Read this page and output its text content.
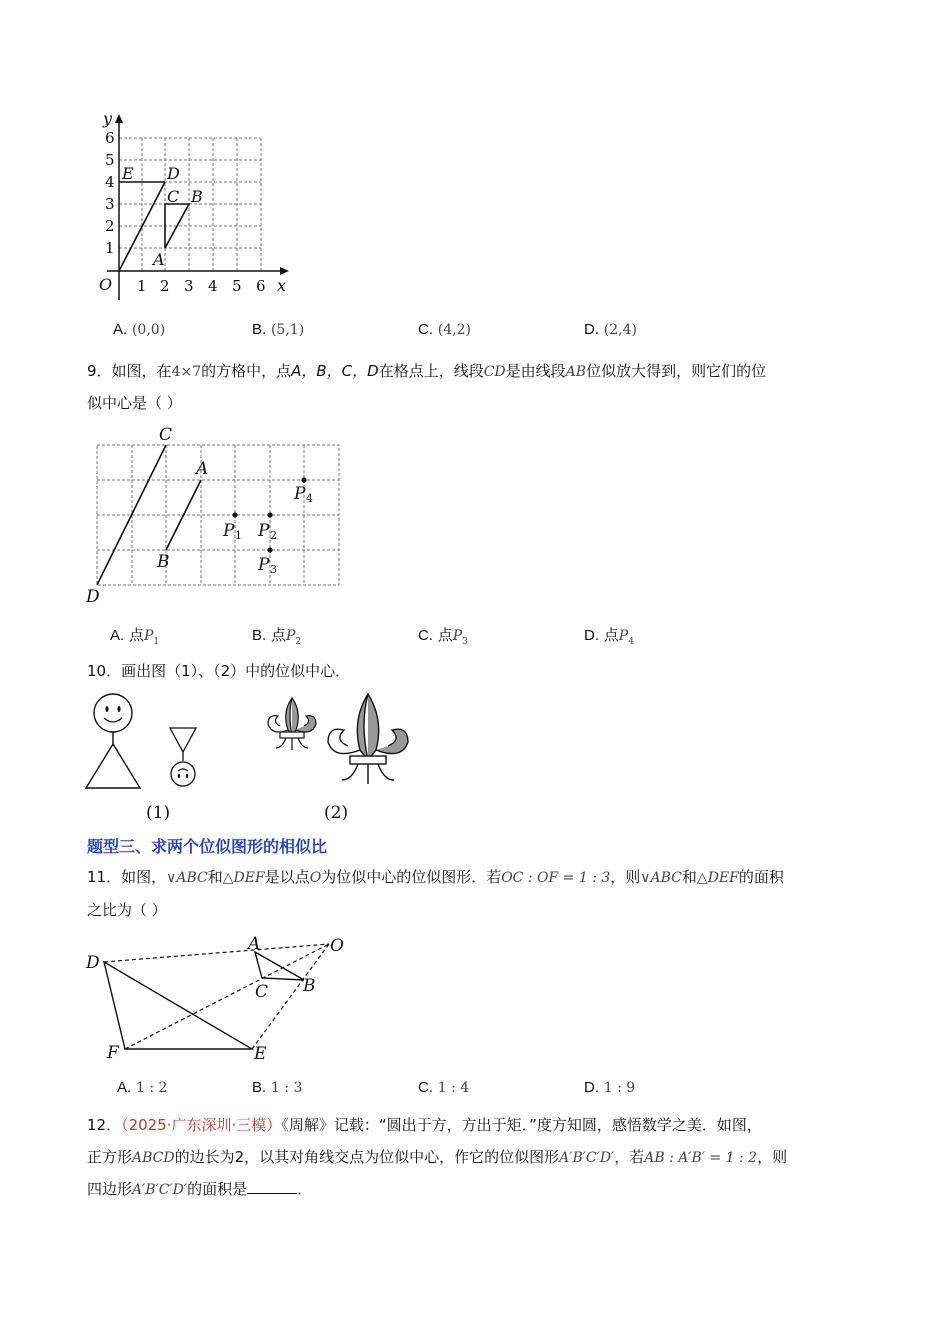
y
x
O
E D
C B
A
1 2 3 4 5 6
1
2
3
4
5
6
A. (0,0)	B. (5,1)	C. (4,2)	D. (2,4)
9．如图，在4×7的方格中，点A，B，C，D在格点上，线段CD是由线段AB位似放大得到，则它们的位
似中心是（ ）
C
A
B
D
P P
P
P
1	2
3
4
A. 点$P_1$	B. 点$P_2$	C. 点$P_3$	D. 点$P_4$
10．画出图（1）、（2）中的位似中心．
(1)	(2)
题型三、求两个位似图形的相似比
11．如图，∨ABC和△DEF是以点O为位似中心的位似图形．若OC : OF = 1 : 3，则∨ABC和△DEF的面积
之比为（ ）
A	O
D
C B
F	E
A. 1 : 2	B. 1 : 3	C. 1 : 4	D. 1 : 9
12．（2025·广东深圳·三模）《周解》记载：“圆出于方，方出于矩．”度方知圆，感悟数学之美．如图，
正方形ABCD的边长为2，以其对角线交点为位似中心，作它的位似图形A′B′C′D′，若AB : A′B′ = 1 : 2，则
四边形A′B′C′D′的面积是	．
